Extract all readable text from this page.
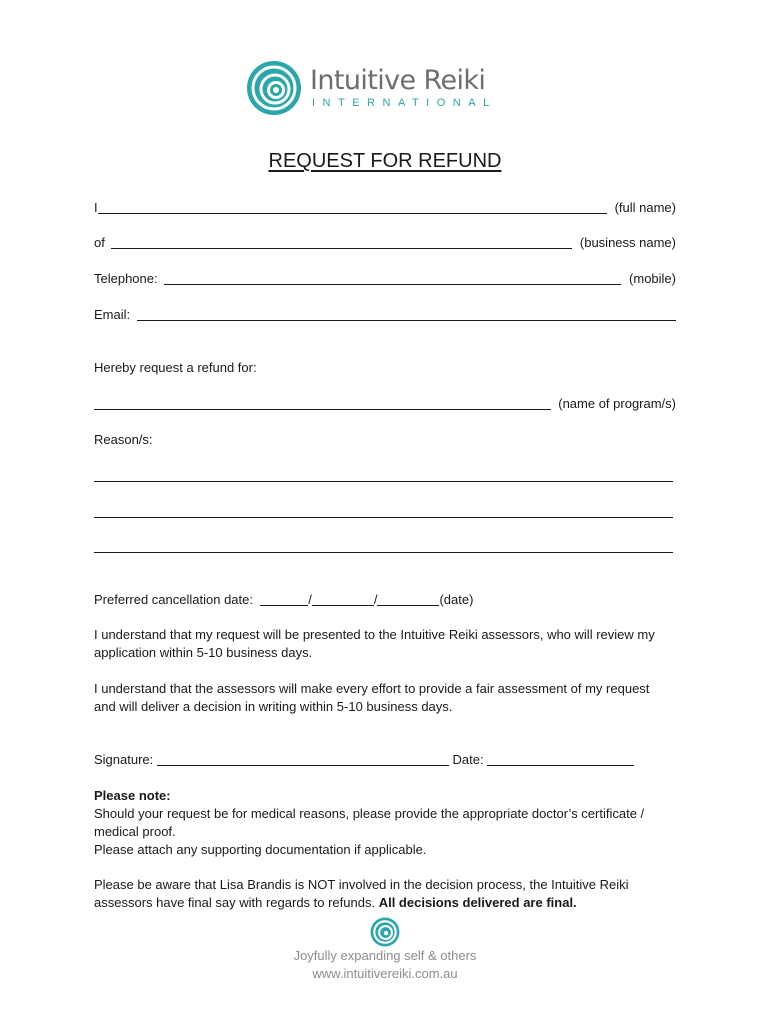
Intuitive Reiki
INTERNATIONAL
REQUEST FOR REFUND
I	(full name)
of	(business name)
Telephone:	(mobile)
Email:
Hereby request a refund for:
(name of program/s)
Reason/s:
Preferred cancellation date:	/	/	(date)
I understand that my request will be presented to the Intuitive Reiki assessors, who will review my application within 5-10 business days.
I understand that the assessors will make every effort to provide a fair assessment of my request and will deliver a decision in writing within 5-10 business days.
Signature:	Date:
Please note:
Should your request be for medical reasons, please provide the appropriate doctor’s certificate / medical proof.
Please attach any supporting documentation if applicable.
Please be aware that Lisa Brandis is NOT involved in the decision process, the Intuitive Reiki assessors have final say with regards to refunds. All decisions delivered are final.
Joyfully expanding self & others
www.intuitivereiki.com.au
